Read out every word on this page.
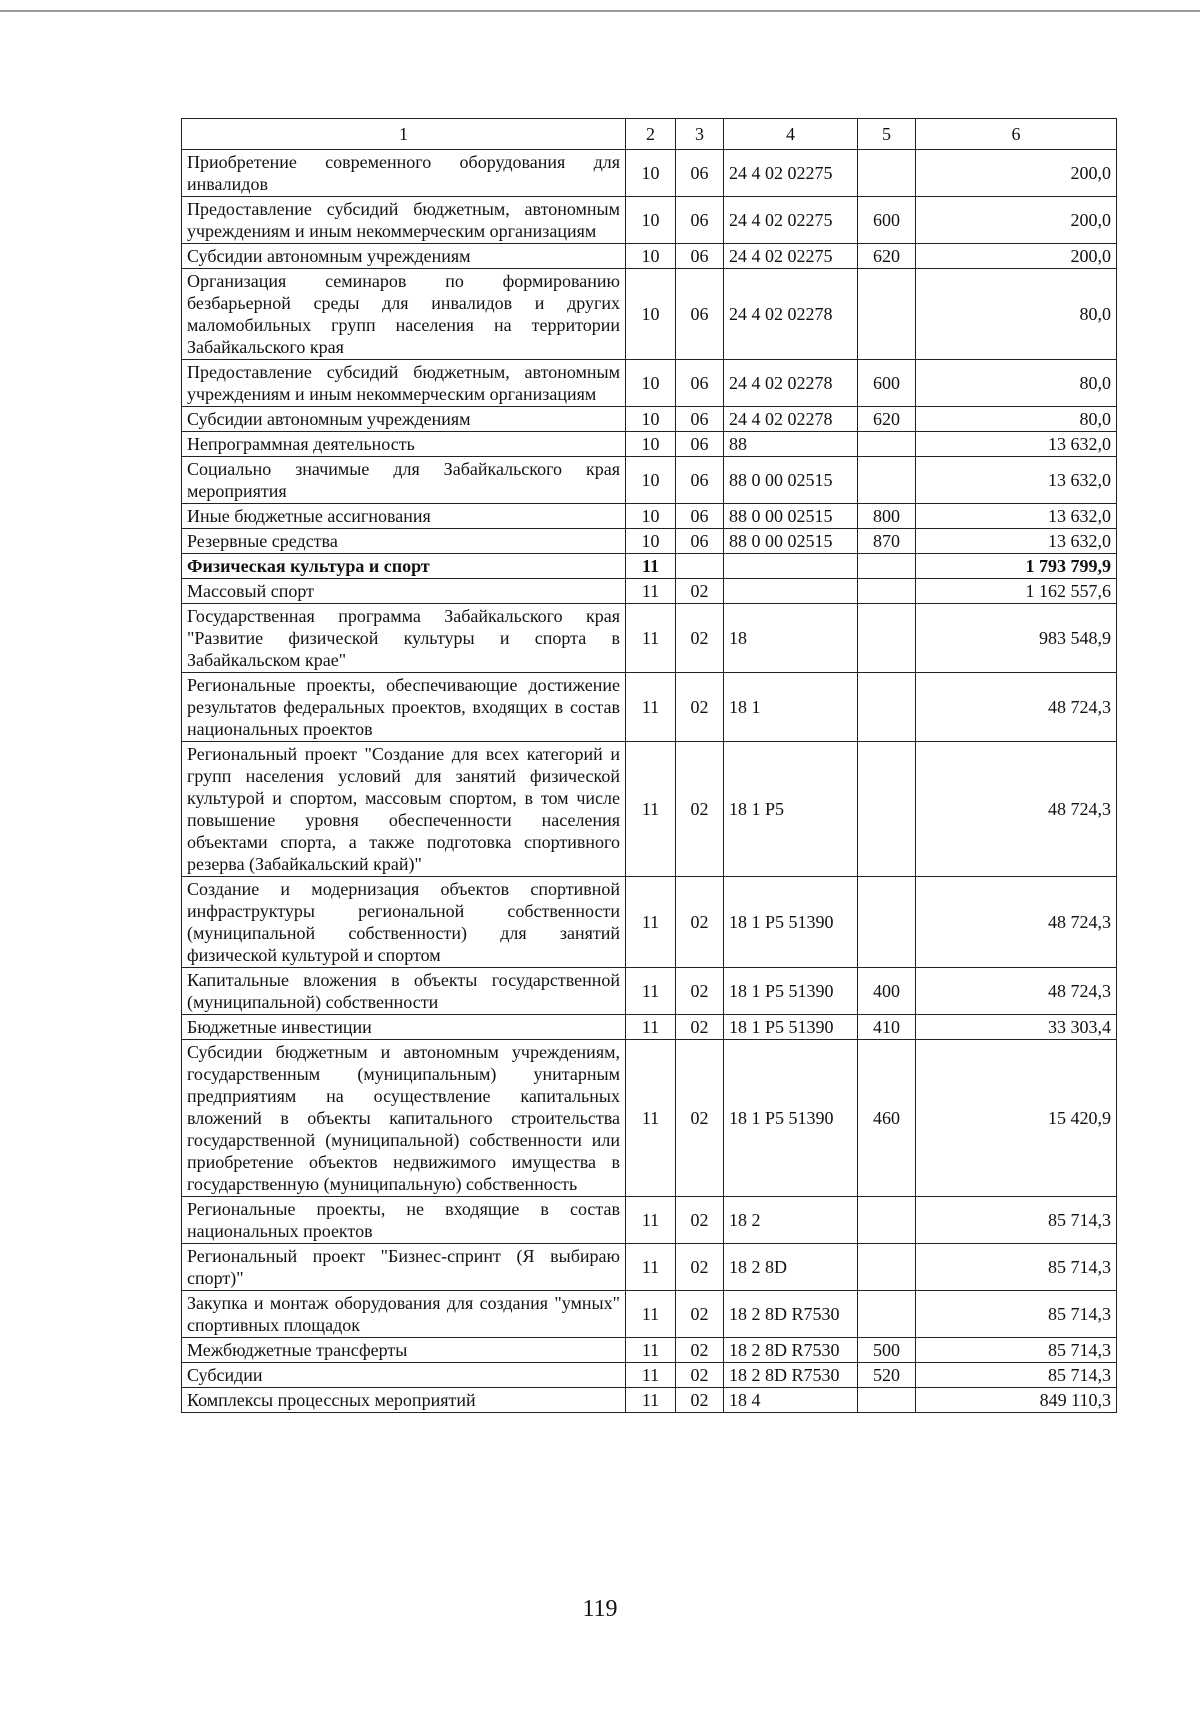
1	2	3	4	5	6
Приобретение современного оборудования для инвалидов	10	06	24 4 02 02275		200,0
Предоставление субсидий бюджетным, автономным учреждениям и иным некоммерческим организациям	10	06	24 4 02 02275	600	200,0
Субсидии автономным учреждениям	10	06	24 4 02 02275	620	200,0
Организация семинаров по формированию безбарьерной среды для инвалидов и других маломобильных групп населения на территории Забайкальского края	10	06	24 4 02 02278		80,0
Предоставление субсидий бюджетным, автономным учреждениям и иным некоммерческим организациям	10	06	24 4 02 02278	600	80,0
Субсидии автономным учреждениям	10	06	24 4 02 02278	620	80,0
Непрограммная деятельность	10	06	88		13 632,0
Социально значимые для Забайкальского края мероприятия	10	06	88 0 00 02515		13 632,0
Иные бюджетные ассигнования	10	06	88 0 00 02515	800	13 632,0
Резервные средства	10	06	88 0 00 02515	870	13 632,0
Физическая культура и спорт	11				1 793 799,9
Массовый спорт	11	02			1 162 557,6
Государственная программа Забайкальского края "Развитие физической культуры и спорта в Забайкальском крае"	11	02	18		983 548,9
Региональные проекты, обеспечивающие достижение результатов федеральных проектов, входящих в состав национальных проектов	11	02	18 1		48 724,3
Региональный проект "Создание для всех категорий и групп населения условий для занятий физической культурой и спортом, массовым спортом, в том числе повышение уровня обеспеченности населения объектами спорта, а также подготовка спортивного резерва (Забайкальский край)"	11	02	18 1 P5		48 724,3
Создание и модернизация объектов спортивной инфраструктуры региональной собственности (муниципальной собственности) для занятий физической культурой и спортом	11	02	18 1 P5 51390		48 724,3
Капитальные вложения в объекты государственной (муниципальной) собственности	11	02	18 1 P5 51390	400	48 724,3
Бюджетные инвестиции	11	02	18 1 P5 51390	410	33 303,4
Субсидии бюджетным и автономным учреждениям, государственным (муниципальным) унитарным предприятиям на осуществление капитальных вложений в объекты капитального строительства государственной (муниципальной) собственности или приобретение объектов недвижимого имущества в государственную (муниципальную) собственность	11	02	18 1 P5 51390	460	15 420,9
Региональные проекты, не входящие в состав национальных проектов	11	02	18 2		85 714,3
Региональный проект "Бизнес-спринт (Я выбираю спорт)"	11	02	18 2 8D		85 714,3
Закупка и монтаж оборудования для создания "умных" спортивных площадок	11	02	18 2 8D R7530		85 714,3
Межбюджетные трансферты	11	02	18 2 8D R7530	500	85 714,3
Субсидии	11	02	18 2 8D R7530	520	85 714,3
Комплексы процессных мероприятий	11	02	18 4		849 110,3
119
